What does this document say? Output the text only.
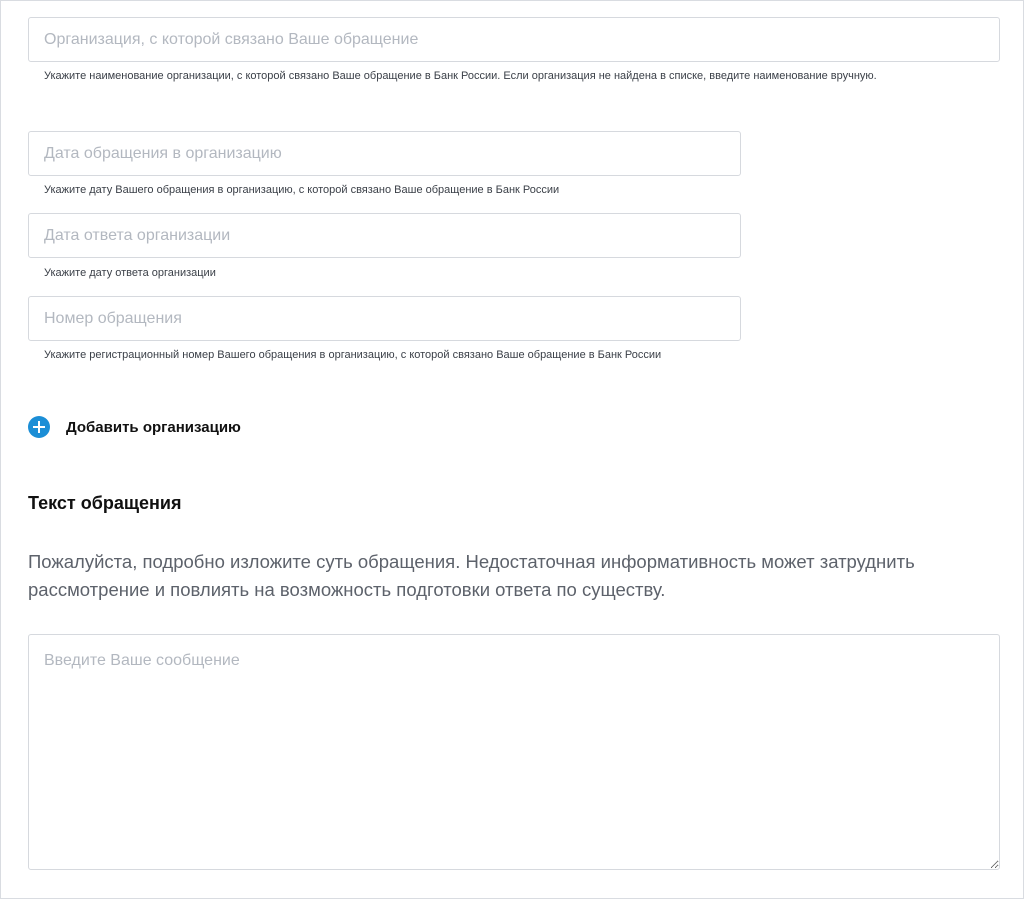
Организация, с которой связано Ваше обращение
Укажите наименование организации, с которой связано Ваше обращение в Банк России. Если организация не найдена в списке, введите наименование вручную.
Дата обращения в организацию
Укажите дату Вашего обращения в организацию, с которой связано Ваше обращение в Банк России
Дата ответа организации
Укажите дату ответа организации
Номер обращения
Укажите регистрационный номер Вашего обращения в организацию, с которой связано Ваше обращение в Банк России
Добавить организацию
Текст обращения
Пожалуйста, подробно изложите суть обращения. Недостаточная информативность может затруднить рассмотрение и повлиять на возможность подготовки ответа по существу.
Введите Ваше сообщение
